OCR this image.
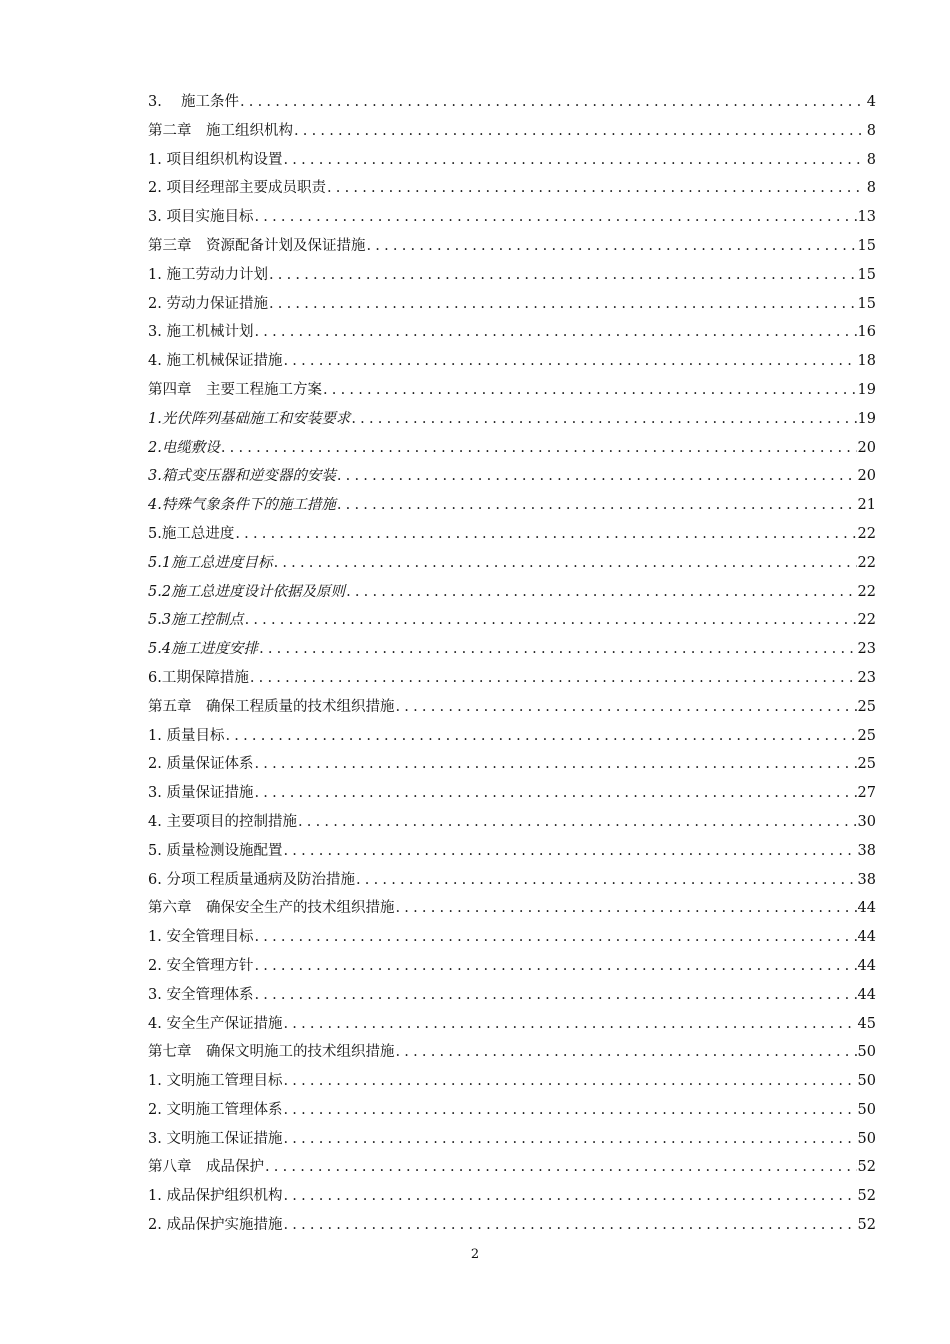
3.　 施工条件 .....	4
第二章　施工组织机构 .....	8
1. 项目组织机构设置 .....	8
2. 项目经理部主要成员职责 .....	8
3. 项目实施目标 .....	13
第三章　资源配备计划及保证措施 .....	15
1. 施工劳动力计划 .....	15
2. 劳动力保证措施 .....	15
3. 施工机械计划 .....	16
4. 施工机械保证措施 .....	18
第四章　主要工程施工方案 .....	19
1.光伏阵列基础施工和安装要求 .....	19
2.电缆敷设 .....	20
3.箱式变压器和逆变器的安装 .....	20
4.特殊气象条件下的施工措施 .....	21
5.施工总进度 .....	22
5.1施工总进度目标 .....	22
5.2施工总进度设计依据及原则 .....	22
5.3施工控制点 .....	22
5.4施工进度安排 .....	23
6.工期保障措施 .....	23
第五章　确保工程质量的技术组织措施 .....	25
1. 质量目标 .....	25
2. 质量保证体系 .....	25
3. 质量保证措施 .....	27
4. 主要项目的控制措施 .....	30
5. 质量检测设施配置 .....	38
6. 分项工程质量通病及防治措施 .....	38
第六章　确保安全生产的技术组织措施 .....	44
1. 安全管理目标 .....	44
2. 安全管理方针 .....	44
3. 安全管理体系 .....	44
4. 安全生产保证措施 .....	45
第七章　确保文明施工的技术组织措施 .....	50
1. 文明施工管理目标 .....	50
2. 文明施工管理体系 .....	50
3. 文明施工保证措施 .....	50
第八章　成品保护 .....	52
1. 成品保护组织机构 .....	52
2. 成品保护实施措施 .....	52
2
